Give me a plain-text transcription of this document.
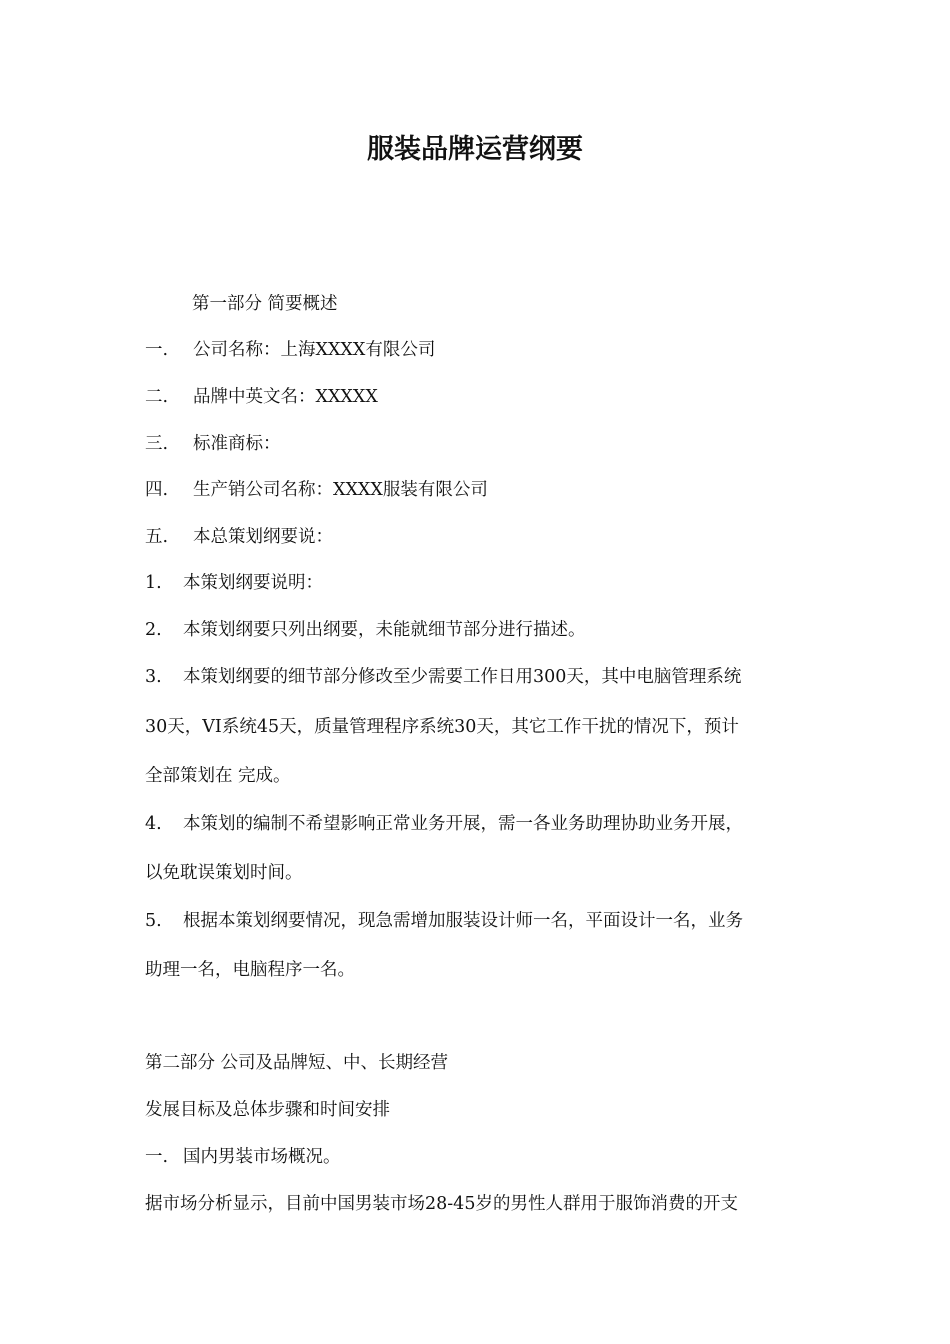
服装品牌运营纲要
第一部分 简要概述
一. 公司名称：上海XXXX有限公司
二. 品牌中英文名：XXXXX
三. 标准商标：
四. 生产销公司名称：XXXX服装有限公司
五. 本总策划纲要说：
1. 本策划纲要说明：
2. 本策划纲要只列出纲要，未能就细节部分进行描述。
3. 本策划纲要的细节部分修改至少需要工作日用300天，其中电脑管理系统
30天，VI系统45天，质量管理程序系统30天，其它工作干扰的情况下，预计
全部策划在 完成。
4. 本策划的编制不希望影响正常业务开展，需一各业务助理协助业务开展，
以免耽误策划时间。
5. 根据本策划纲要情况，现急需增加服装设计师一名，平面设计一名，业务
助理一名，电脑程序一名。
第二部分 公司及品牌短、中、长期经营
发展目标及总体步骤和时间安排
一. 国内男装市场概况。
据市场分析显示，目前中国男装市场28-45岁的男性人群用于服饰消费的开支
